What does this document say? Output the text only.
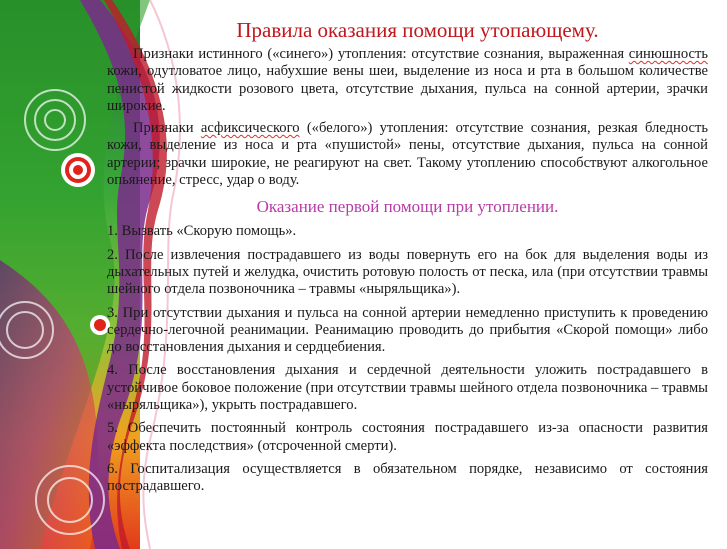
Правила оказания помощи утопающему.

Признаки истинного («синего») утопления: отсутствие сознания, выраженная синюшность кожи, одутловатое лицо, набухшие вены шеи, выделение из носа и рта в большом количестве пенистой жидкости розового цвета, отсутствие дыхания, пульса на сонной артерии, зрачки широкие.

Признаки асфиксического («белого») утопления: отсутствие сознания, резкая бледность кожи, выделение из носа и рта «пушистой» пены, отсутствие дыхания, пульса на сонной артерии; зрачки широкие, не реагируют на свет. Такому утоплению способствуют алкогольное опьянение, стресс, удар о воду.

Оказание первой помощи при утоплении.

1. Вызвать «Скорую помощь».

2. После извлечения пострадавшего из воды повернуть его на бок для выделения воды из дыхательных путей и желудка, очистить ротовую полость от песка, ила (при отсутствии травмы шейного отдела позвоночника – травмы «ныряльщика»).

3. При отсутствии дыхания и пульса на сонной артерии немедленно приступить к проведению сердечно-легочной реанимации. Реанимацию проводить до прибытия «Скорой помощи» либо до восстановления дыхания и сердцебиения.

4. После восстановления дыхания и сердечной деятельности уложить пострадавшего в устойчивое боковое положение (при отсутствии травмы шейного отдела позвоночника – травмы «ныряльщика»), укрыть пострадавшего.

5. Обеспечить постоянный контроль состояния пострадавшего из-за опасности развития «эффекта последствия» (отсроченной смерти).

6. Госпитализация осуществляется в обязательном порядке, независимо от состояния пострадавшего.
